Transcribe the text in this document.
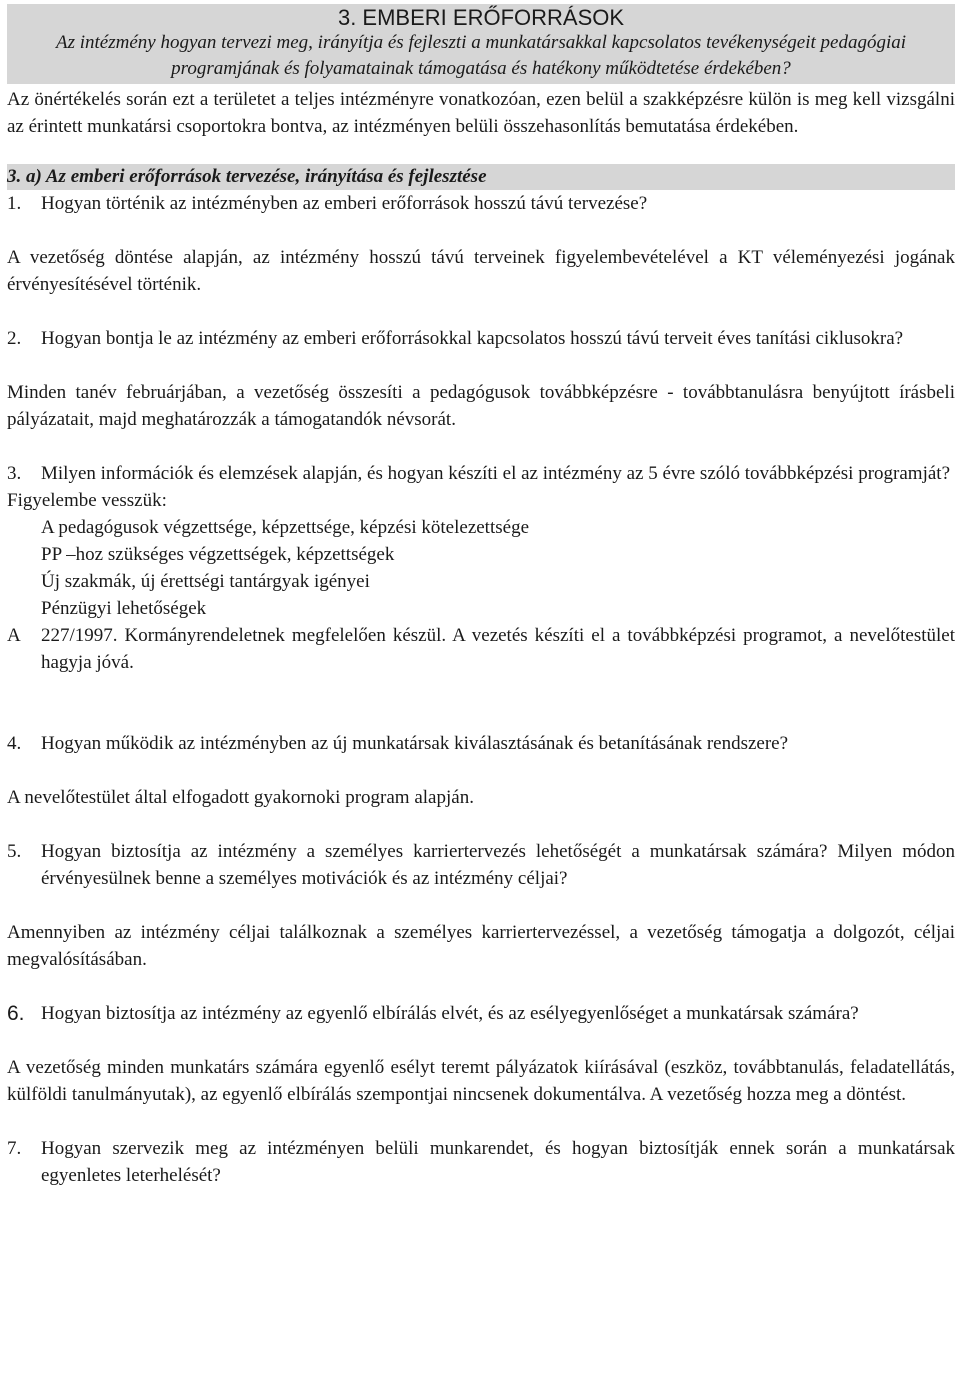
3. EMBERI ERŐFORRÁSOK
Az intézmény hogyan tervezi meg, irányítja és fejleszti a munkatársakkal kapcsolatos tevékenységeit pedagógiai programjának és folyamatainak támogatása és hatékony működtetése érdekében?

Az önértékelés során ezt a területet a teljes intézményre vonatkozóan, ezen belül a szakképzésre külön is meg kell vizsgálni az érintett munkatársi csoportokra bontva, az intézményen belüli összehasonlítás bemutatása érdekében.

3. a) Az emberi erőforrások tervezése, irányítása és fejlesztése
1.	Hogyan történik az intézményben az emberi erőforrások hosszú távú tervezése?

A vezetőség döntése alapján, az intézmény hosszú távú terveinek figyelembevételével a KT véleményezési jogának érvényesítésével történik.

2.	Hogyan bontja le az intézmény az emberi erőforrásokkal kapcsolatos hosszú távú terveit éves tanítási ciklusokra?

Minden tanév februárjában, a vezetőség összesíti a pedagógusok továbbképzésre - továbbtanulásra benyújtott írásbeli pályázatait, majd meghatározzák a támogatandók névsorát.

3.	Milyen információk és elemzések alapján, és hogyan készíti el az intézmény az 5 évre szóló továbbképzési programját?

Figyelembe vesszük:

A pedagógusok végzettsége, képzettsége, képzési kötelezettsége
PP –hoz szükséges végzettségek, képzettségek
Új szakmák, új érettségi tantárgyak igényei
Pénzügyi lehetőségek
A	227/1997. Kormányrendeletnek megfelelően készül. A vezetés készíti el a továbbképzési programot, a nevelőtestület hagyja jóvá.
4.	Hogyan működik az intézményben az új munkatársak kiválasztásának és betanításának rendszere?

A nevelőtestület által elfogadott gyakornoki program alapján.

5.	Hogyan biztosítja az intézmény a személyes karriertervezés lehetőségét a munkatársak számára? Milyen módon érvényesülnek benne a személyes motivációk és az intézmény céljai?

Amennyiben az intézmény céljai találkoznak a személyes karriertervezéssel, a vezetőség támogatja a dolgozót, céljai megvalósításában.

6. Hogyan biztosítja az intézmény az egyenlő elbírálás elvét, és az esélyegyenlőséget a munkatársak számára?

A vezetőség minden munkatárs számára egyenlő esélyt teremt pályázatok kiírásával (eszköz, továbbtanulás, feladatellátás, külföldi tanulmányutak), az egyenlő elbírálás szempontjai nincsenek dokumentálva. A vezetőség hozza meg a döntést.

7.	Hogyan szervezik meg az intézményen belüli munkarendet, és hogyan biztosítják ennek során a munkatársak egyenletes leterhelését?
